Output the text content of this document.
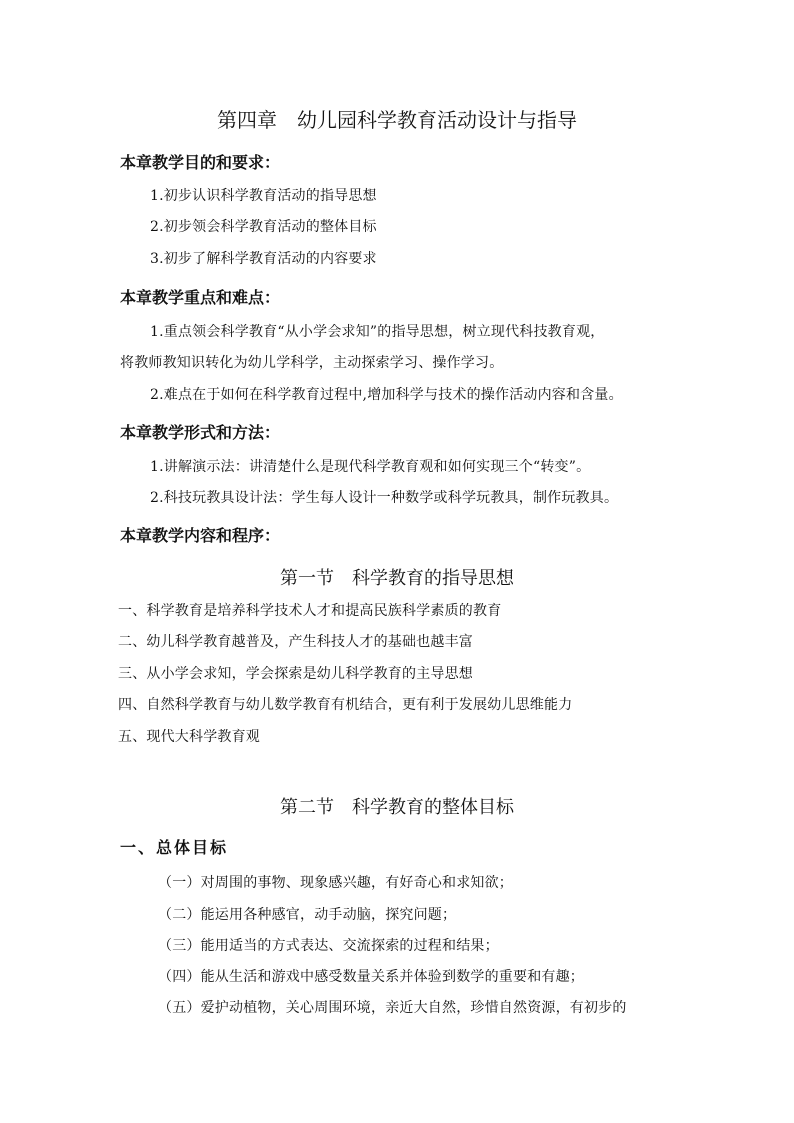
第四章　幼儿园科学教育活动设计与指导
本章教学目的和要求：
1.初步认识科学教育活动的指导思想
2.初步领会科学教育活动的整体目标
3.初步了解科学教育活动的内容要求
本章教学重点和难点：
1.重点领会科学教育“从小学会求知”的指导思想，树立现代科技教育观，
将教师教知识转化为幼儿学科学，主动探索学习、操作学习。
2.难点在于如何在科学教育过程中,增加科学与技术的操作活动内容和含量。
本章教学形式和方法：
1.讲解演示法：讲清楚什么是现代科学教育观和如何实现三个“转变”。
2.科技玩教具设计法：学生每人设计一种数学或科学玩教具，制作玩教具。
本章教学内容和程序：
第一节　科学教育的指导思想
一、科学教育是培养科学技术人才和提高民族科学素质的教育
二、幼儿科学教育越普及，产生科技人才的基础也越丰富
三、从小学会求知，学会探索是幼儿科学教育的主导思想
四、自然科学教育与幼儿数学教育有机结合，更有利于发展幼儿思维能力
五、现代大科学教育观
第二节　科学教育的整体目标
一、总体目标
（一）对周围的事物、现象感兴趣，有好奇心和求知欲；
（二）能运用各种感官，动手动脑，探究问题；
（三）能用适当的方式表达、交流探索的过程和结果；
（四）能从生活和游戏中感受数量关系并体验到数学的重要和有趣；
（五）爱护动植物，关心周围环境，亲近大自然，珍惜自然资源，有初步的
